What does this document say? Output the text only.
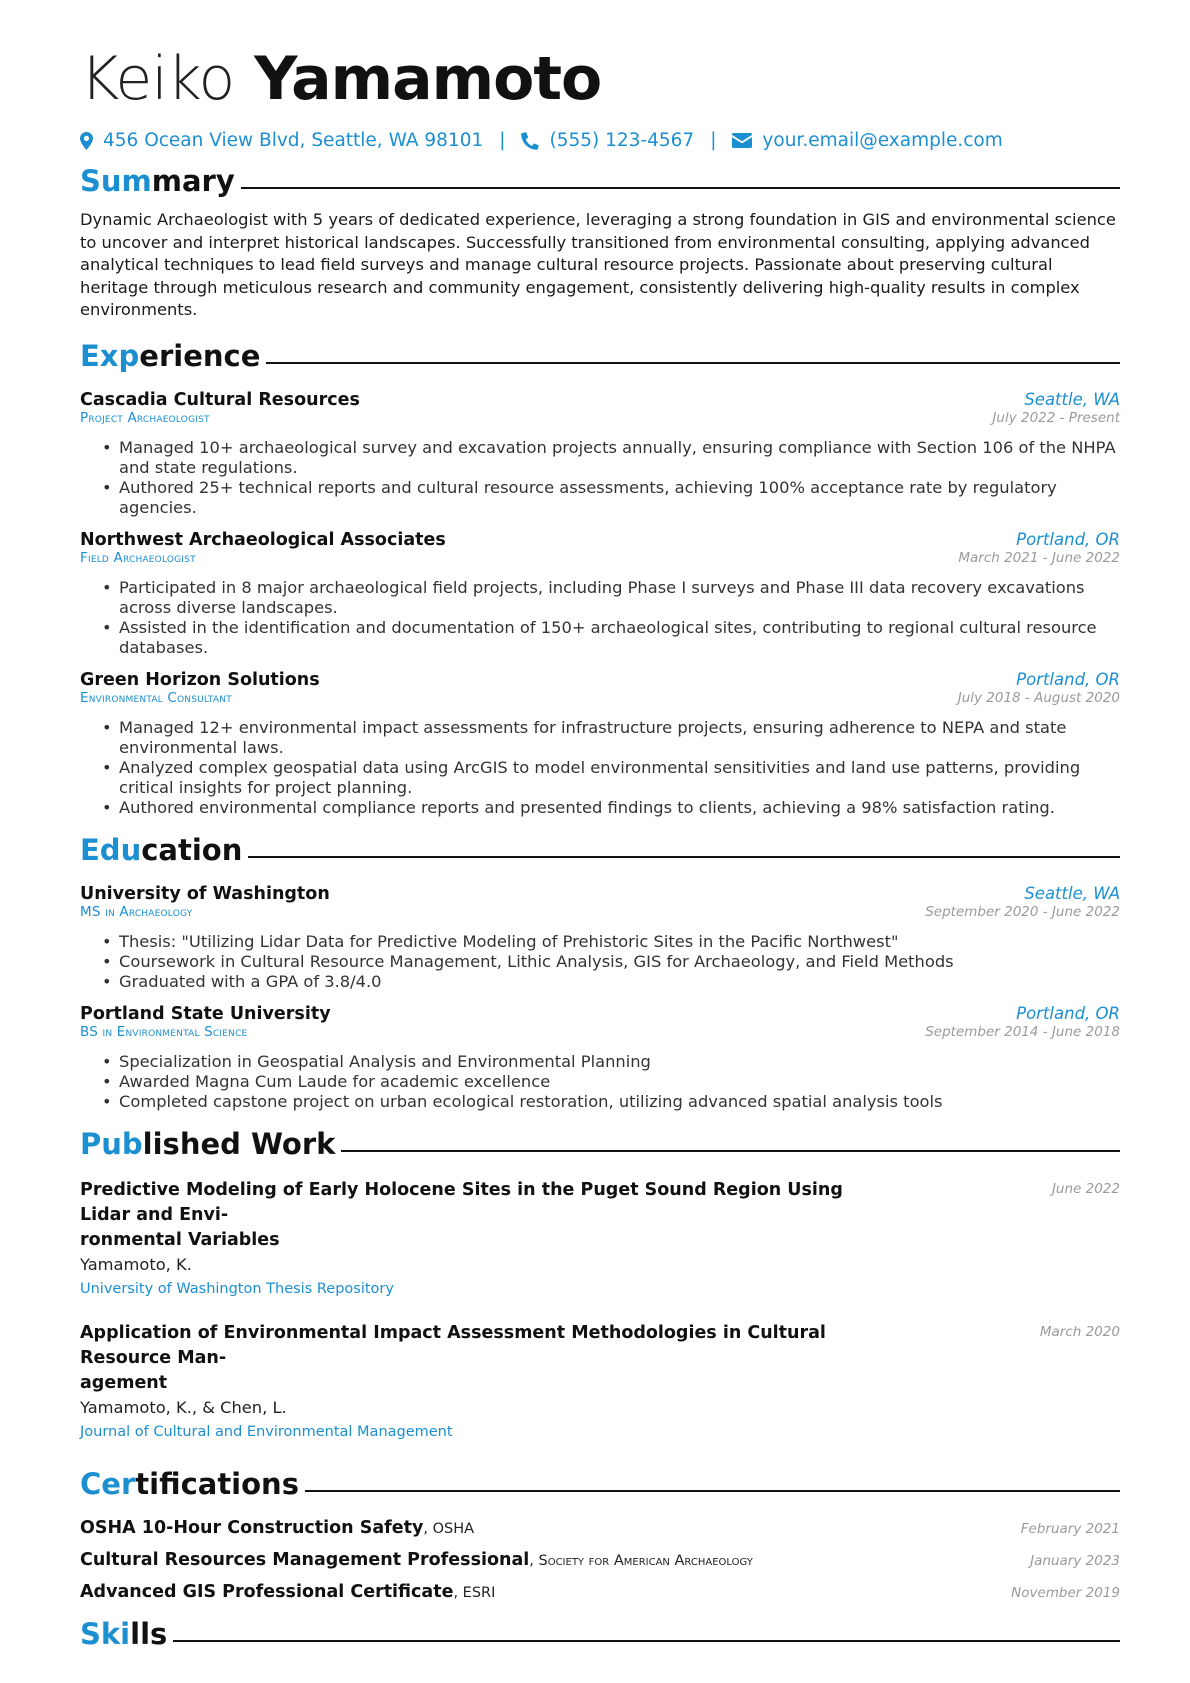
Keiko Yamamoto
456 Ocean View Blvd, Seattle, WA 98101 | (555) 123-4567 | your.email@example.com
Summary

Dynamic Archaeologist with 5 years of dedicated experience, leveraging a strong foundation in GIS and environmental science to uncover and interpret historical landscapes. Successfully transitioned from environmental consulting, applying advanced analytical techniques to lead field surveys and manage cultural resource projects. Passionate about preserving cultural heritage through meticulous research and community engagement, consistently delivering high-quality results in complex environments.

Experience
Cascadia Cultural Resources	Seattle, WA
Project Archaeologist	July 2022 - Present
• Managed 10+ archaeological survey and excavation projects annually, ensuring compliance with Section 106 of the NHPA and state regulations.
• Authored 25+ technical reports and cultural resource assessments, achieving 100% acceptance rate by regulatory agencies.
Northwest Archaeological Associates	Portland, OR
Field Archaeologist	March 2021 - June 2022
• Participated in 8 major archaeological field projects, including Phase I surveys and Phase III data recovery excavations across diverse landscapes.
• Assisted in the identification and documentation of 150+ archaeological sites, contributing to regional cultural resource databases.
Green Horizon Solutions	Portland, OR
Environmental Consultant	July 2018 - August 2020
• Managed 12+ environmental impact assessments for infrastructure projects, ensuring adherence to NEPA and state environmental laws.
• Analyzed complex geospatial data using ArcGIS to model environmental sensitivities and land use patterns, providing critical insights for project planning.
• Authored environmental compliance reports and presented findings to clients, achieving a 98% satisfaction rating.
Education
University of Washington	Seattle, WA
MS in Archaeology	September 2020 - June 2022
• Thesis: "Utilizing Lidar Data for Predictive Modeling of Prehistoric Sites in the Pacific Northwest"
• Coursework in Cultural Resource Management, Lithic Analysis, GIS for Archaeology, and Field Methods
• Graduated with a GPA of 3.8/4.0
Portland State University	Portland, OR
BS in Environmental Science	September 2014 - June 2018
• Specialization in Geospatial Analysis and Environmental Planning
• Awarded Magna Cum Laude for academic excellence
• Completed capstone project on urban ecological restoration, utilizing advanced spatial analysis tools
Published Work
Predictive Modeling of Early Holocene Sites in the Puget Sound Region Using Lidar and Envi-
ronmental Variables
Yamamoto, K.
University of Washington Thesis Repository
June 2022
Application of Environmental Impact Assessment Methodologies in Cultural Resource Man-
agement
Yamamoto, K., & Chen, L.
Journal of Cultural and Environmental Management
March 2020
Certifications
OSHA 10-Hour Construction Safety, OSHA	February 2021
Cultural Resources Management Professional, Society for American Archaeology	January 2023
Advanced GIS Professional Certificate, ESRI	November 2019
Skills
